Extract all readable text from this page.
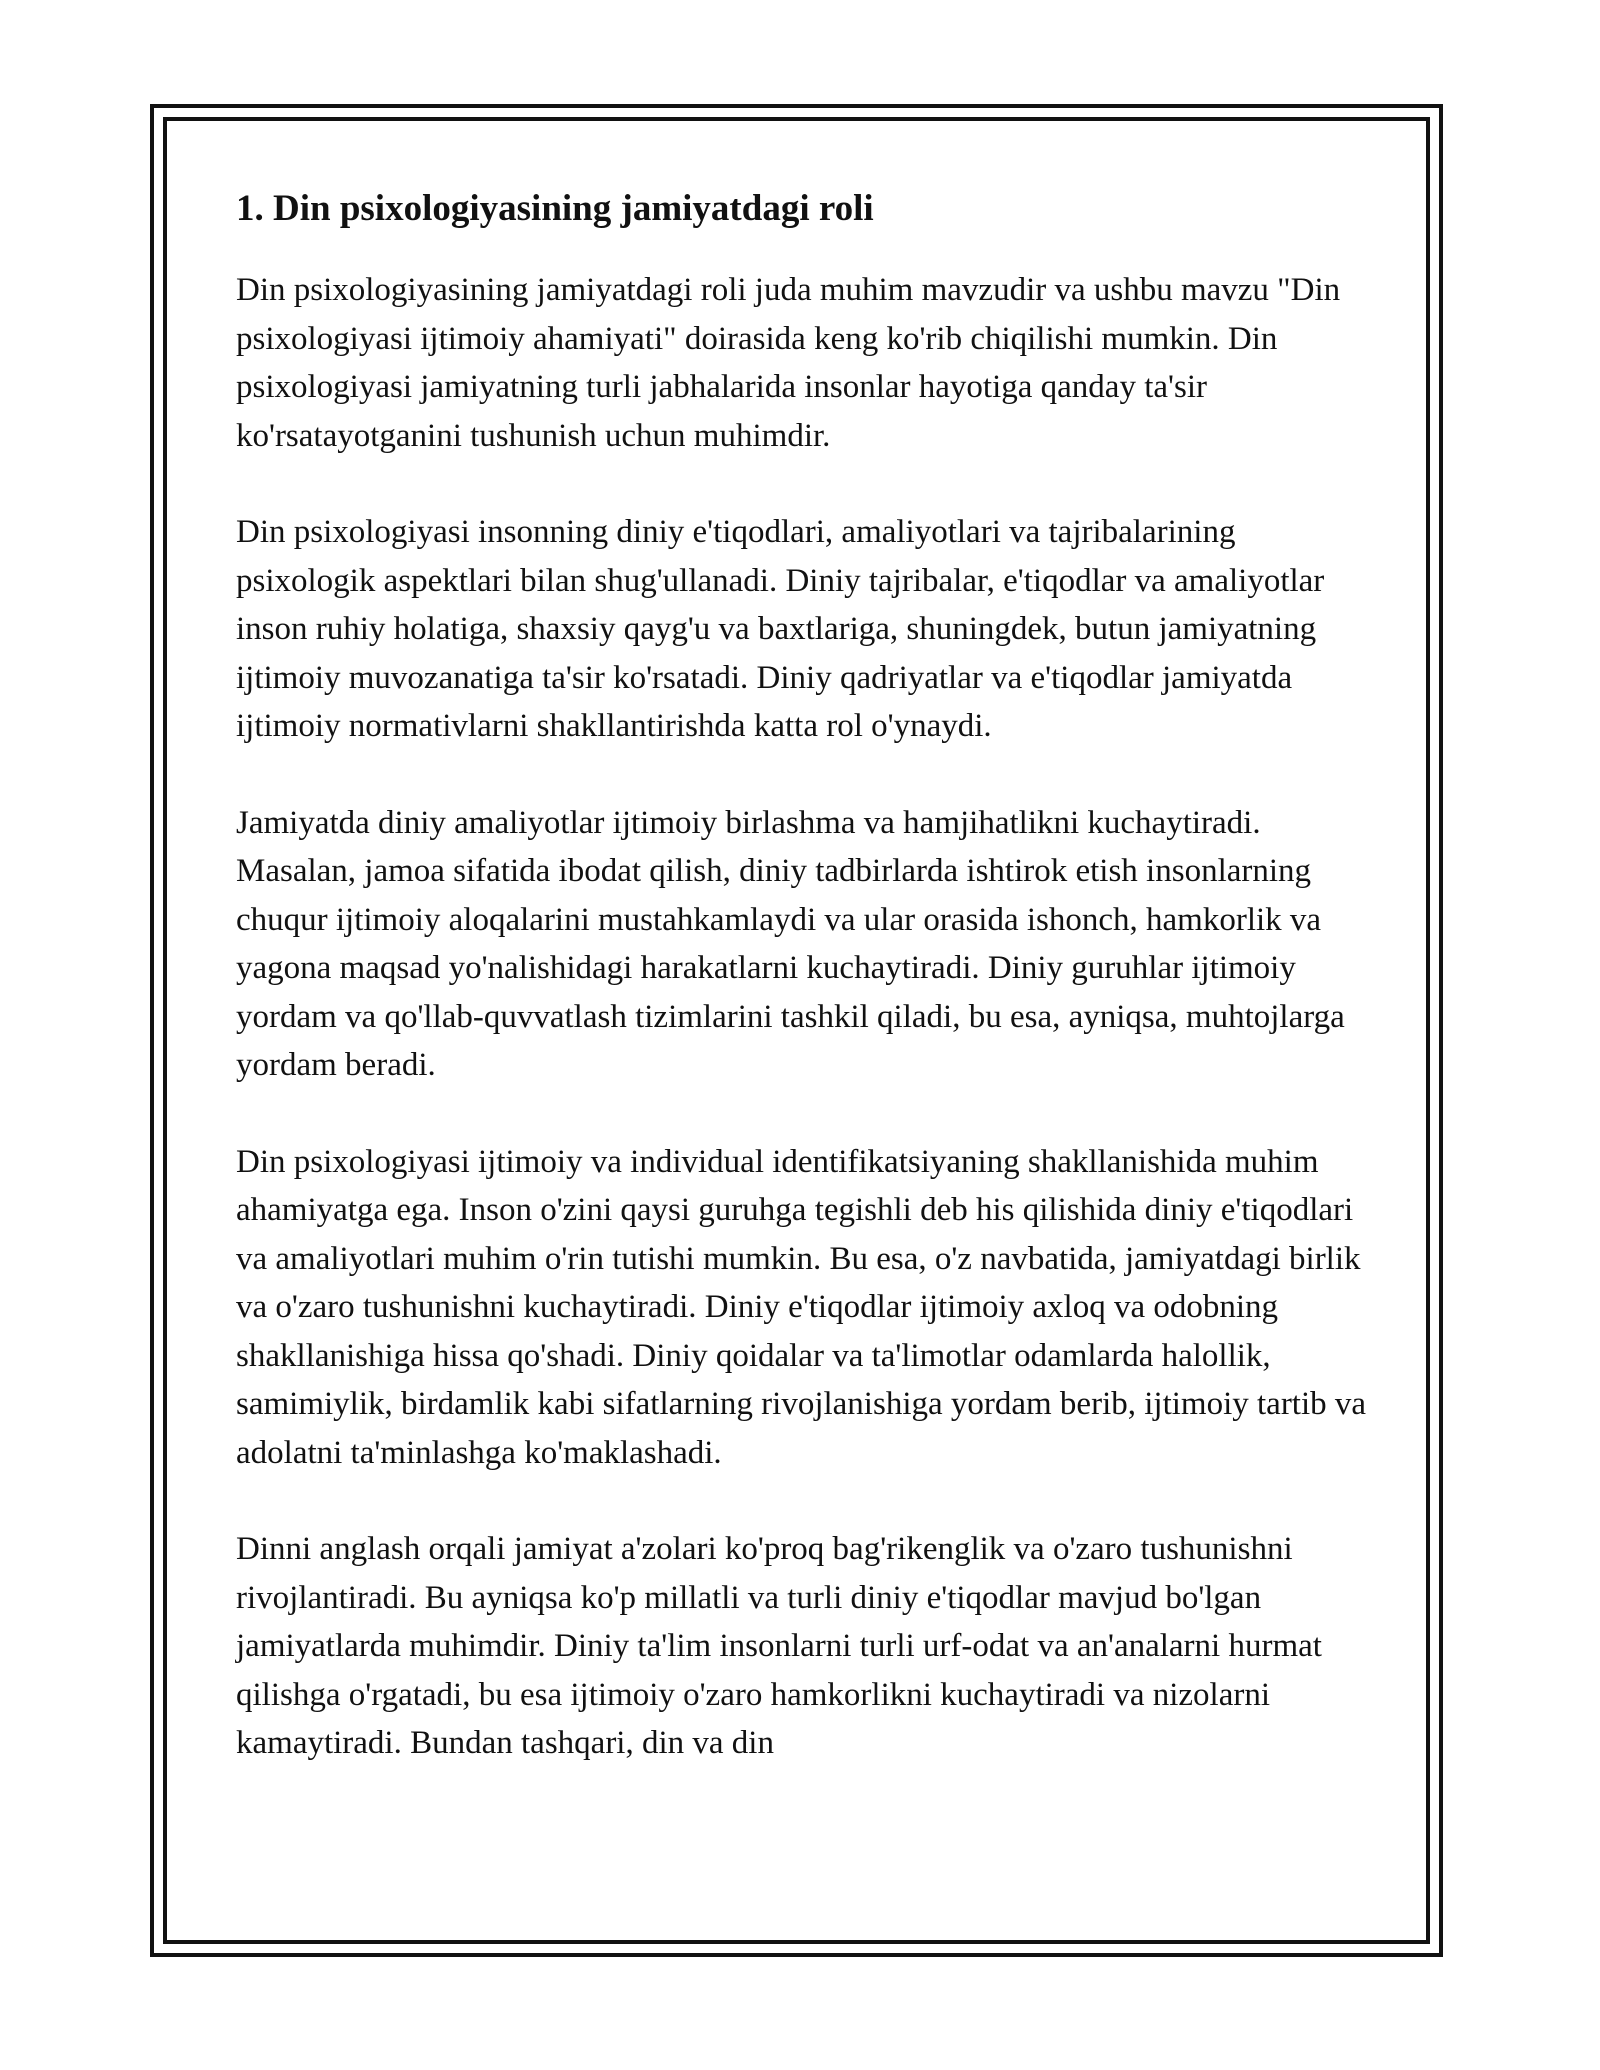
1. Din psixologiyasining jamiyatdagi roli

Din psixologiyasining jamiyatdagi roli juda muhim mavzudir va ushbu mavzu "Din psixologiyasi ijtimoiy ahamiyati" doirasida keng ko'rib chiqilishi mumkin. Din psixologiyasi jamiyatning turli jabhalarida insonlar hayotiga qanday ta'sir ko'rsatayotganini tushunish uchun muhimdir.

Din psixologiyasi insonning diniy e'tiqodlari, amaliyotlari va tajribalarining psixologik aspektlari bilan shug'ullanadi. Diniy tajribalar, e'tiqodlar va amaliyotlar inson ruhiy holatiga, shaxsiy qayg'u va baxtlariga, shuningdek, butun jamiyatning ijtimoiy muvozanatiga ta'sir ko'rsatadi. Diniy qadriyatlar va e'tiqodlar jamiyatda ijtimoiy normativlarni shakllantirishda katta rol o'ynaydi.

Jamiyatda diniy amaliyotlar ijtimoiy birlashma va hamjihatlikni kuchaytiradi. Masalan, jamoa sifatida ibodat qilish, diniy tadbirlarda ishtirok etish insonlarning chuqur ijtimoiy aloqalarini mustahkamlaydi va ular orasida ishonch, hamkorlik va yagona maqsad yo'nalishidagi harakatlarni kuchaytiradi. Diniy guruhlar ijtimoiy yordam va qo'llab-quvvatlash tizimlarini tashkil qiladi, bu esa, ayniqsa, muhtojlarga yordam beradi.

Din psixologiyasi ijtimoiy va individual identifikatsiyaning shakllanishida muhim ahamiyatga ega. Inson o'zini qaysi guruhga tegishli deb his qilishida diniy e'tiqodlari va amaliyotlari muhim o'rin tutishi mumkin. Bu esa, o'z navbatida, jamiyatdagi birlik va o'zaro tushunishni kuchaytiradi. Diniy e'tiqodlar ijtimoiy axloq va odobning shakllanishiga hissa qo'shadi. Diniy qoidalar va ta'limotlar odamlarda halollik, samimiylik, birdamlik kabi sifatlarning rivojlanishiga yordam berib, ijtimoiy tartib va adolatni ta'minlashga ko'maklashadi.

Dinni anglash orqali jamiyat a'zolari ko'proq bag'rikenglik va o'zaro tushunishni rivojlantiradi. Bu ayniqsa ko'p millatli va turli diniy e'tiqodlar mavjud bo'lgan jamiyatlarda muhimdir. Diniy ta'lim insonlarni turli urf-odat va an'analarni hurmat qilishga o'rgatadi, bu esa ijtimoiy o'zaro hamkorlikni kuchaytiradi va nizolarni kamaytiradi. Bundan tashqari, din va din
